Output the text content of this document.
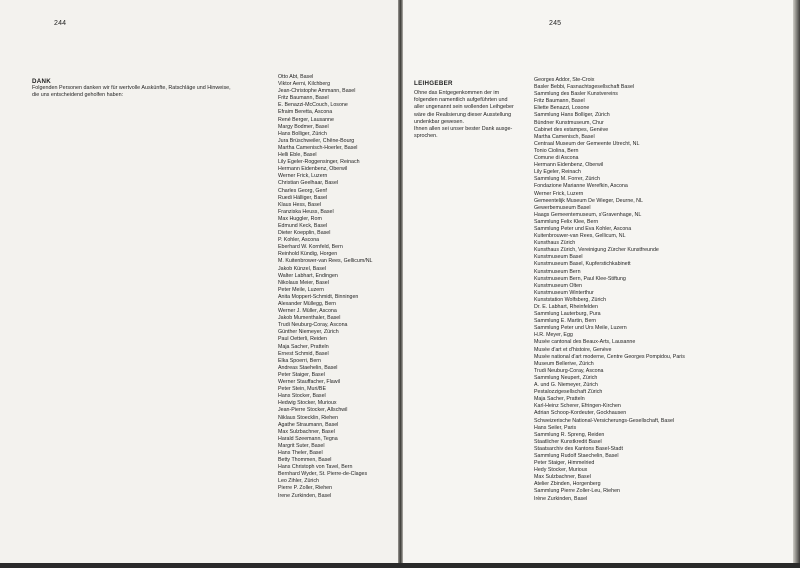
244
DANK
Folgenden Personen danken wir für wertvolle Auskünfte, Ratschläge und Hinweise,
die uns entscheidend geholfen haben:
Otto Abt, Basel
Viktor Aerni, Kilchberg
Jean-Christophe Ammann, Basel
Fritz Baumann, Basel
E. Benazzi-McCouch, Losone
Efraim Beretta, Ascona
René Berger, Lausanne
Margy Bodmer, Basel
Hans Bolliger, Zürich
Jura Brüschweiler, Chêne-Bourg
Martha Camenisch-Hoerler, Basel
Helli Eble, Basel
Lily Egeler-Roggensinger, Reinach
Hermann Eidenbenz, Oberwil
Werner Frick, Luzern
Christian Geelhaar, Basel
Charles Georg, Genf
Ruedi Hälliger, Basel
Klaus Hess, Basel
Franziska Heuss, Basel
Max Huggler, Rom
Edmund Keck, Basel
Dieter Koepplin, Basel
P. Kohler, Ascona
Eberhard W. Kornfeld, Bern
Reinhold Kündig, Horgen
M. Kuitenbrower-van Rees, Gellicum/NL
Jakob Künzel, Basel
Walter Labhart, Endingen
Nikolaus Meier, Basel
Peter Meile, Luzern
Anita Moppert-Schmidt, Binningen
Alexander Müllegg, Bern
Werner J. Müller, Ascona
Jakob Mumenthaler, Basel
Trudi Neuburg-Coray, Ascona
Günther Niemeyer, Zürich
Paul Oetterli, Reiden
Maja Sacher, Pratteln
Ernest Schmid, Basel
Elka Spoerri, Bern
Andreas Staehelin, Basel
Peter Staiger, Basel
Werner Stauffacher, Flawil
Peter Stein, Muri/BE
Hans Stocker, Basel
Hedwig Stocker, Murioux
Jean-Pierre Stocker, Allschwil
Niklaus Stoecklin, Riehen
Agathe Straumann, Basel
Max Sulzbachner, Basel
Harald Szeemann, Tegna
Margrit Suter, Basel
Hans Theler, Basel
Betty Thommen, Basel
Hans Christoph von Tavel, Bern
Bernhard Wyder, St. Pierre-de-Clages
Leo Zihler, Zürich
Pierre P. Zoller, Riehen
Irene Zurkinden, Basel
245
LEIHGEBER
Ohne das Entgegenkommen der im
folgenden namentlich aufgeführten und
aller ungenannt sein wollenden Leihgeber
wäre die Realisierung dieser Ausstellung
undenkbar gewesen.
Ihnen allen sei unser bester Dank ausge-
sprochen.
Georges Addor, Ste-Croix
Basler Bebbi, Fasnachtsgesellschaft Basel
Sammlung des Basler Kunstvereins
Fritz Baumann, Basel
Eliette Benazzi, Losone
Sammlung Hans Bolliger, Zürich
Bündner Kunstmuseum, Chur
Cabinet des estampes, Genève
Martha Camenisch, Basel
Centraal Museum der Gemeente Utrecht, NL
Tonio Ciolina, Bern
Comune di Ascona
Hermann Eidenbenz, Oberwil
Lily Egeler, Reinach
Sammlung M. Forrer, Zürich
Fondazione Marianne Werefkin, Ascona
Werner Frick, Luzern
Gemeentelijk Museum De Wieger, Deurne, NL
Gewerbemuseum Basel
Haags Gemeentemuseum, s'Gravenhage, NL
Sammlung Felix Klee, Bern
Sammlung Peter und Eva Kohler, Ascona
Kuitenbrouwer-van Rees, Gellicum, NL
Kunsthaus Zürich
Kunsthaus Zürich, Vereinigung Zürcher Kunstfreunde
Kunstmuseum Basel
Kunstmuseum Basel, Kupferstichkabinett
Kunstmuseum Bern
Kunstmuseum Bern, Paul Klee-Stiftung
Kunstmuseum Olten
Kunstmuseum Winterthur
Kunststation Wolfsberg, Zürich
Dr. E. Labhart, Rheinfelden
Sammlung Lauterburg, Pura
Sammlung E. Martin, Bern
Sammlung Peter und Urs Meile, Luzern
H.R. Meyer, Egg
Musée cantonal des Beaux-Arts, Lausanne
Musée d'art et d'histoire, Genève
Musée national d'art moderne, Centre Georges Pompidou, Paris
Museum Bellerive, Zürich
Trudi Neuburg-Coray, Ascona
Sammlung Neupert, Zürich
A. und G. Niemeyer, Zürich
Pestalozzigesellschaft Zürich
Maja Sacher, Pratteln
Karl-Heinz Scherer, Efringen-Kirchen
Adrian Schoop-Kordeuter, Gockhausen
Schweizerische National-Versicherungs-Gesellschaft, Basel
Hans Seiler, Paris
Sammlung R. Spreng, Reiden
Staatlicher Kunstkredit Basel
Staatsarchiv des Kantons Basel-Stadt
Sammlung Rudolf Staechelin, Basel
Peter Staiger, Himmelried
Hedy Stocker, Murioux
Max Sulzbachner, Basel
Atelier Zbinden, Horgenberg
Sammlung Pierre Zoller-Leu, Riehen
Irène Zurkinden, Basel
